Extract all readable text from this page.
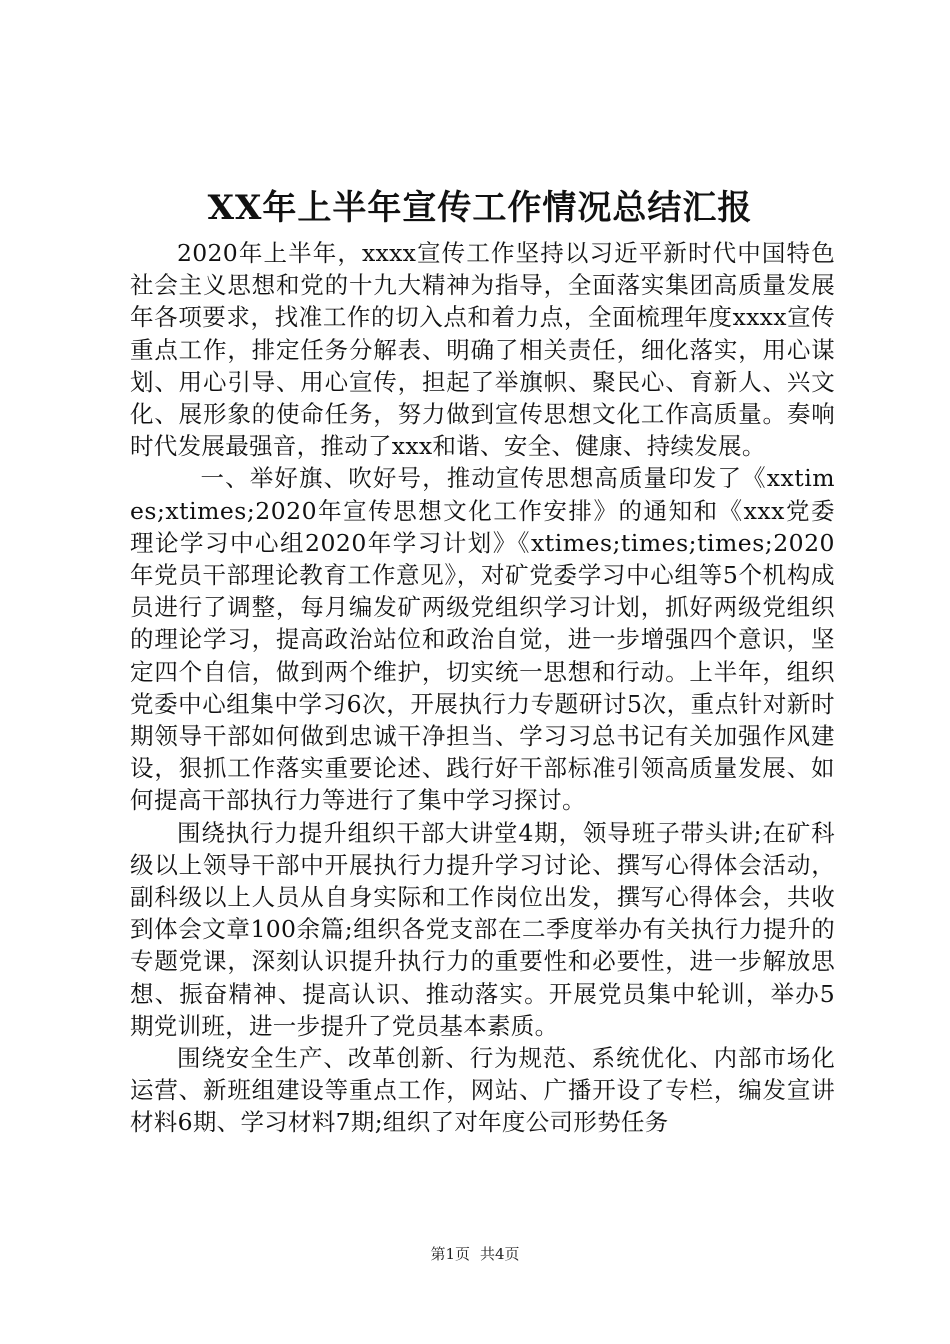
XX年上半年宣传工作情况总结汇报

2020年上半年，xxxx宣传工作坚持以习近平新时代中国特色社会主义思想和党的十九大精神为指导，全面落实集团高质量发展年各项要求，找准工作的切入点和着力点，全面梳理年度xxxx宣传重点工作，排定任务分解表、明确了相关责任，细化落实，用心谋划、用心引导、用心宣传，担起了举旗帜、聚民心、育新人、兴文化、展形象的使命任务，努力做到宣传思想文化工作高质量。奏响时代发展最强音，推动了xxx和谐、安全、健康、持续发展。

一、举好旗、吹好号，推动宣传思想高质量印发了《xxtimes;xtimes;2020年宣传思想文化工作安排》的通知和《xxx党委理论学习中心组2020年学习计划》《xtimes;times;times;2020年党员干部理论教育工作意见》，对矿党委学习中心组等5个机构成员进行了调整，每月编发矿两级党组织学习计划，抓好两级党组织的理论学习，提高政治站位和政治自觉，进一步增强四个意识，坚定四个自信，做到两个维护，切实统一思想和行动。上半年，组织党委中心组集中学习6次，开展执行力专题研讨5次，重点针对新时期领导干部如何做到忠诚干净担当、学习习总书记有关加强作风建设，狠抓工作落实重要论述、践行好干部标准引领高质量发展、如何提高干部执行力等进行了集中学习探讨。

围绕执行力提升组织干部大讲堂4期，领导班子带头讲;在矿科级以上领导干部中开展执行力提升学习讨论、撰写心得体会活动，副科级以上人员从自身实际和工作岗位出发，撰写心得体会，共收到体会文章100余篇;组织各党支部在二季度举办有关执行力提升的专题党课，深刻认识提升执行力的重要性和必要性，进一步解放思想、振奋精神、提高认识、推动落实。开展党员集中轮训，举办5期党训班，进一步提升了党员基本素质。

围绕安全生产、改革创新、行为规范、系统优化、内部市场化运营、新班组建设等重点工作，网站、广播开设了专栏，编发宣讲材料6期、学习材料7期;组织了对年度公司形势任务

第1页 共4页
